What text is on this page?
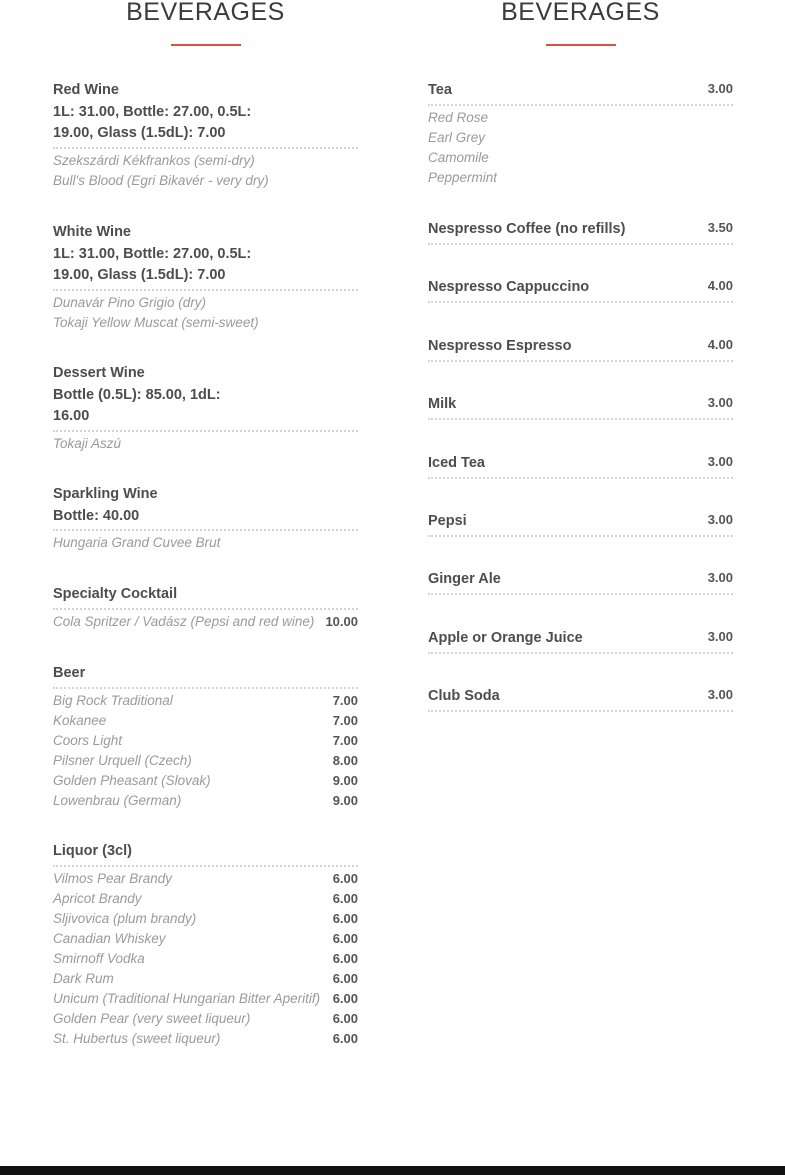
BEVERAGES
Red Wine
1L: 31.00, Bottle: 27.00, 0.5L:
19.00, Glass (1.5dL): 7.00
Szekszárdi Kékfrankos (semi-dry)
Bull's Blood (Egri Bikavér - very dry)
White Wine
1L: 31.00, Bottle: 27.00, 0.5L:
19.00, Glass (1.5dL): 7.00
Dunavár Pino Grigio (dry)
Tokaji Yellow Muscat (semi-sweet)
Dessert Wine
Bottle (0.5L): 85.00, 1dL:
16.00
Tokaji Aszú
Sparkling Wine
Bottle: 40.00
Hungaria Grand Cuvee Brut
Specialty Cocktail
Cola Spritzer / Vadász (Pepsi and red wine) 10.00
Beer
Big Rock Traditional	7.00
Kokanee	7.00
Coors Light	7.00
Pilsner Urquell (Czech)	8.00
Golden Pheasant (Slovak)	9.00
Lowenbrau (German)	9.00
Liquor (3cl)
Vilmos Pear Brandy	6.00
Apricot Brandy	6.00
Sljivovica (plum brandy)	6.00
Canadian Whiskey	6.00
Smirnoff Vodka	6.00
Dark Rum	6.00
Unicum (Traditional Hungarian Bitter Aperitif) 6.00
Golden Pear (very sweet liqueur)	6.00
St. Hubertus (sweet liqueur)	6.00
BEVERAGES
Tea	3.00
Red Rose
Earl Grey
Camomile
Peppermint
Nespresso Coffee (no refills)	3.50
Nespresso Cappuccino	4.00
Nespresso Espresso	4.00
Milk	3.00
Iced Tea	3.00
Pepsi	3.00
Ginger Ale	3.00
Apple or Orange Juice	3.00
Club Soda	3.00
